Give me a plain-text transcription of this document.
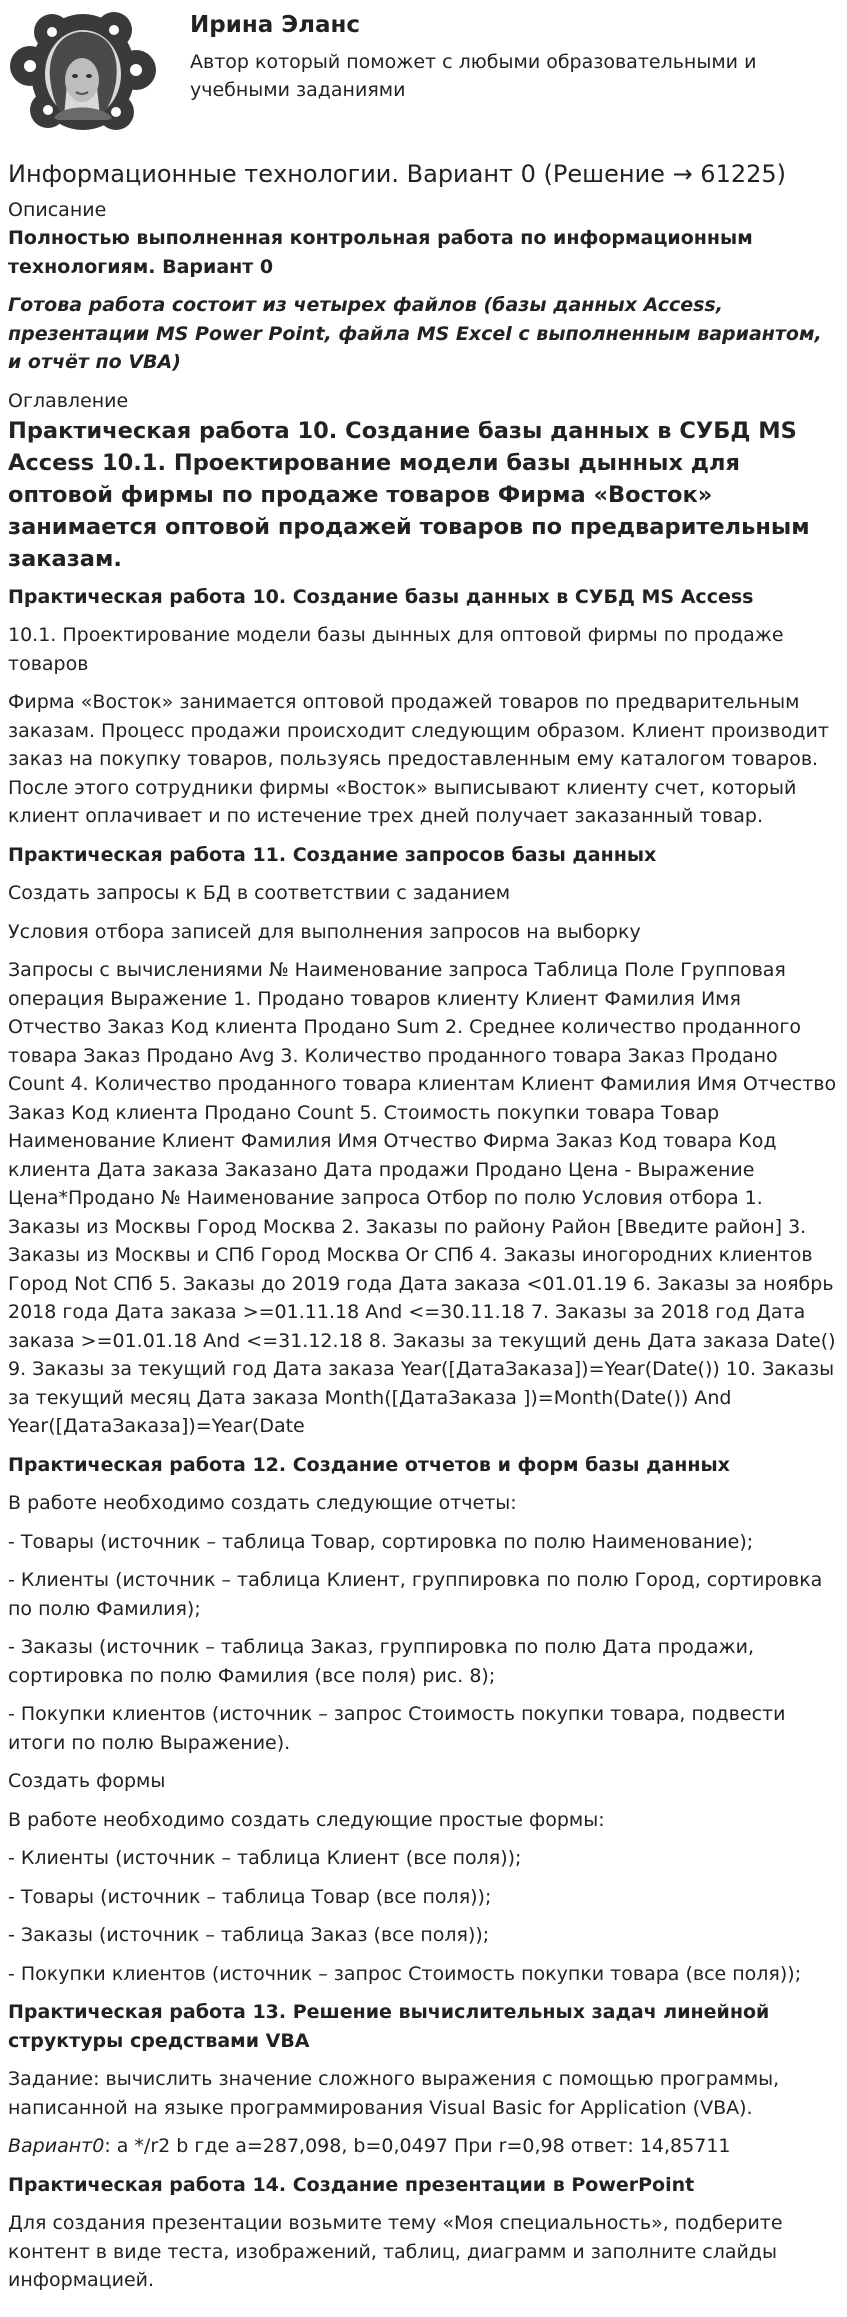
Ирина Эланс
Автор который поможет с любыми образовательными и учебными заданиями
Информационные технологии. Вариант 0 (Решение → 61225)
Описание

Полностью выполненная контрольная работа по информационным технологиям. Вариант 0

Готова работа состоит из четырех файлов (базы данных Access, презентации MS Power Point, файла MS Excel с выполненным вариантом, и отчёт по VBA)

Оглавление
Практическая работа 10. Создание базы данных в СУБД MS Access 10.1. Проектирование модели базы дынных для оптовой фирмы по продаже товаров Фирма «Восток» занимается оптовой продажей товаров по предварительным заказам.

Практическая работа 10. Создание базы данных в СУБД MS Access

10.1. Проектирование модели базы дынных для оптовой фирмы по продаже товаров

Фирма «Восток» занимается оптовой продажей товаров по предварительным заказам. Процесс продажи происходит следующим образом. Клиент производит заказ на покупку товаров, пользуясь предоставленным ему каталогом товаров. После этого сотрудники фирмы «Восток» выписывают клиенту счет, который клиент оплачивает и по истечение трех дней получает заказанный товар.

Практическая работа 11. Создание запросов базы данных

Создать запросы к БД в соответствии с заданием

Условия отбора записей для выполнения запросов на выборку

Запросы с вычислениями № Наименование запроса Таблица Поле Групповая операция Выражение 1. Продано товаров клиенту Клиент Фамилия Имя Отчество Заказ Код клиента Продано Sum 2. Среднее количество проданного товара Заказ Продано Avg 3. Количество проданного товара Заказ Продано Count 4. Количество проданного товара клиентам Клиент Фамилия Имя Отчество Заказ Код клиента Продано Count 5. Стоимость покупки товара Товар Наименование Клиент Фамилия Имя Отчество Фирма Заказ Код товара Код клиента Дата заказа Заказано Дата продажи Продано Цена - Выражение Цена*Продано № Наименование запроса Отбор по полю Условия отбора 1. Заказы из Москвы Город Москва 2. Заказы по району Район [Введите район] 3. Заказы из Москвы и СПб Город Москва Or СПб 4. Заказы иногородних клиентов Город Not СПб 5. Заказы до 2019 года Дата заказа <01.01.19 6. Заказы за ноябрь 2018 года Дата заказа >=01.11.18 And <=30.11.18 7. Заказы за 2018 год Дата заказа >=01.01.18 And <=31.12.18 8. Заказы за текущий день Дата заказа Date() 9. Заказы за текущий год Дата заказа Year([ДатаЗаказа])=Year(Date()) 10. Заказы за текущий месяц Дата заказа Month([ДатаЗаказа ])=Month(Date()) And Year([ДатаЗаказа])=Year(Date

Практическая работа 12. Создание отчетов и форм базы данных

В работе необходимо создать следующие отчеты:

- Товары (источник – таблица Товар, сортировка по полю Наименование);

- Клиенты (источник – таблица Клиент, группировка по полю Город, сортировка по полю Фамилия);

- Заказы (источник – таблица Заказ, группировка по полю Дата продажи, сортировка по полю Фамилия (все поля) рис. 8);

- Покупки клиентов (источник – запрос Стоимость покупки товара, подвести итоги по полю Выражение).

Создать формы

В работе необходимо создать следующие простые формы:

- Клиенты (источник – таблица Клиент (все поля));

- Товары (источник – таблица Товар (все поля));

- Заказы (источник – таблица Заказ (все поля));

- Покупки клиентов (источник – запрос Стоимость покупки товара (все поля));

Практическая работа 13. Решение вычислительных задач линейной структуры средствами VBA

Задание: вычислить значение сложного выражения с помощью программы, написанной на языке программирования Visual Basic for Application (VBA).

Вариант0: a */r2 b где a=287,098, b=0,0497 При r=0,98 ответ: 14,85711

Практическая работа 14. Создание презентации в PowerPoint

Для создания презентации возьмите тему «Моя специальность», подберите контент в виде теста, изображений, таблиц, диаграмм и заполните слайды информацией.
